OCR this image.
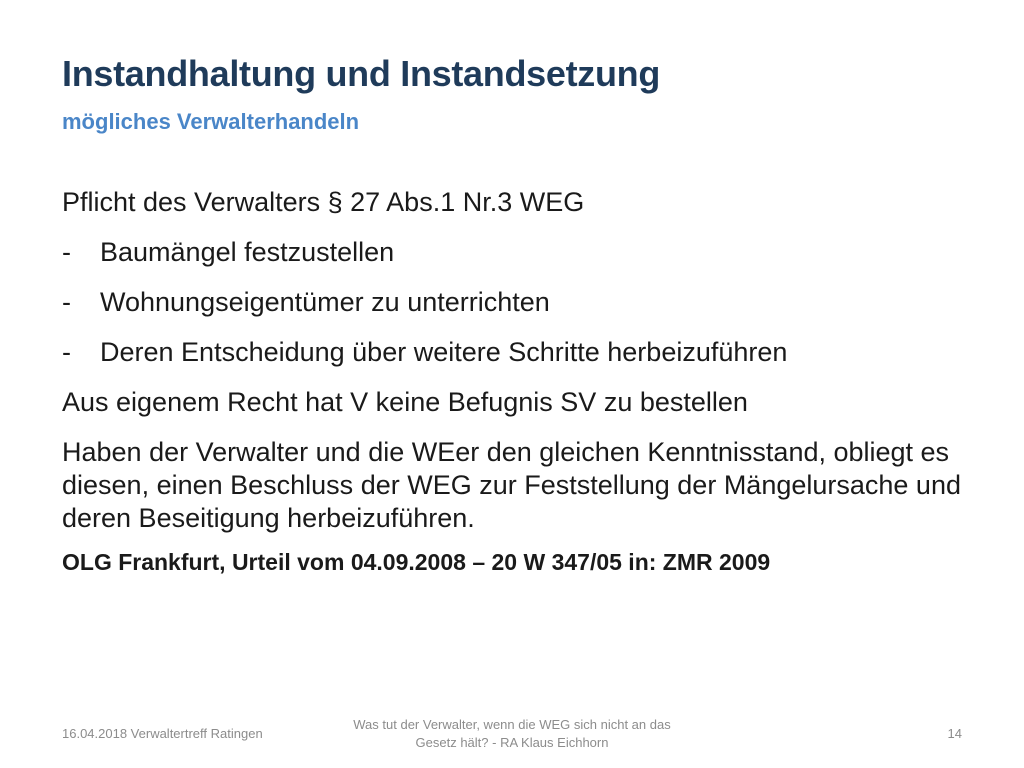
Instandhaltung und Instandsetzung
mögliches Verwalterhandeln
Pflicht des Verwalters § 27 Abs.1 Nr.3 WEG
-	Baumängel festzustellen
-	Wohnungseigentümer zu unterrichten
-	Deren Entscheidung über weitere Schritte herbeizuführen
Aus eigenem Recht hat V keine Befugnis SV zu bestellen
Haben der Verwalter und die WEer den gleichen Kenntnisstand, obliegt es diesen, einen Beschluss der WEG zur Feststellung der Mängelursache und deren Beseitigung herbeizuführen.
OLG Frankfurt, Urteil vom 04.09.2008 – 20 W 347/05 in: ZMR 2009
16.04.2018 Verwaltertreff Ratingen
Was tut der Verwalter, wenn die WEG sich nicht an das Gesetz hält? - RA Klaus Eichhorn
14
